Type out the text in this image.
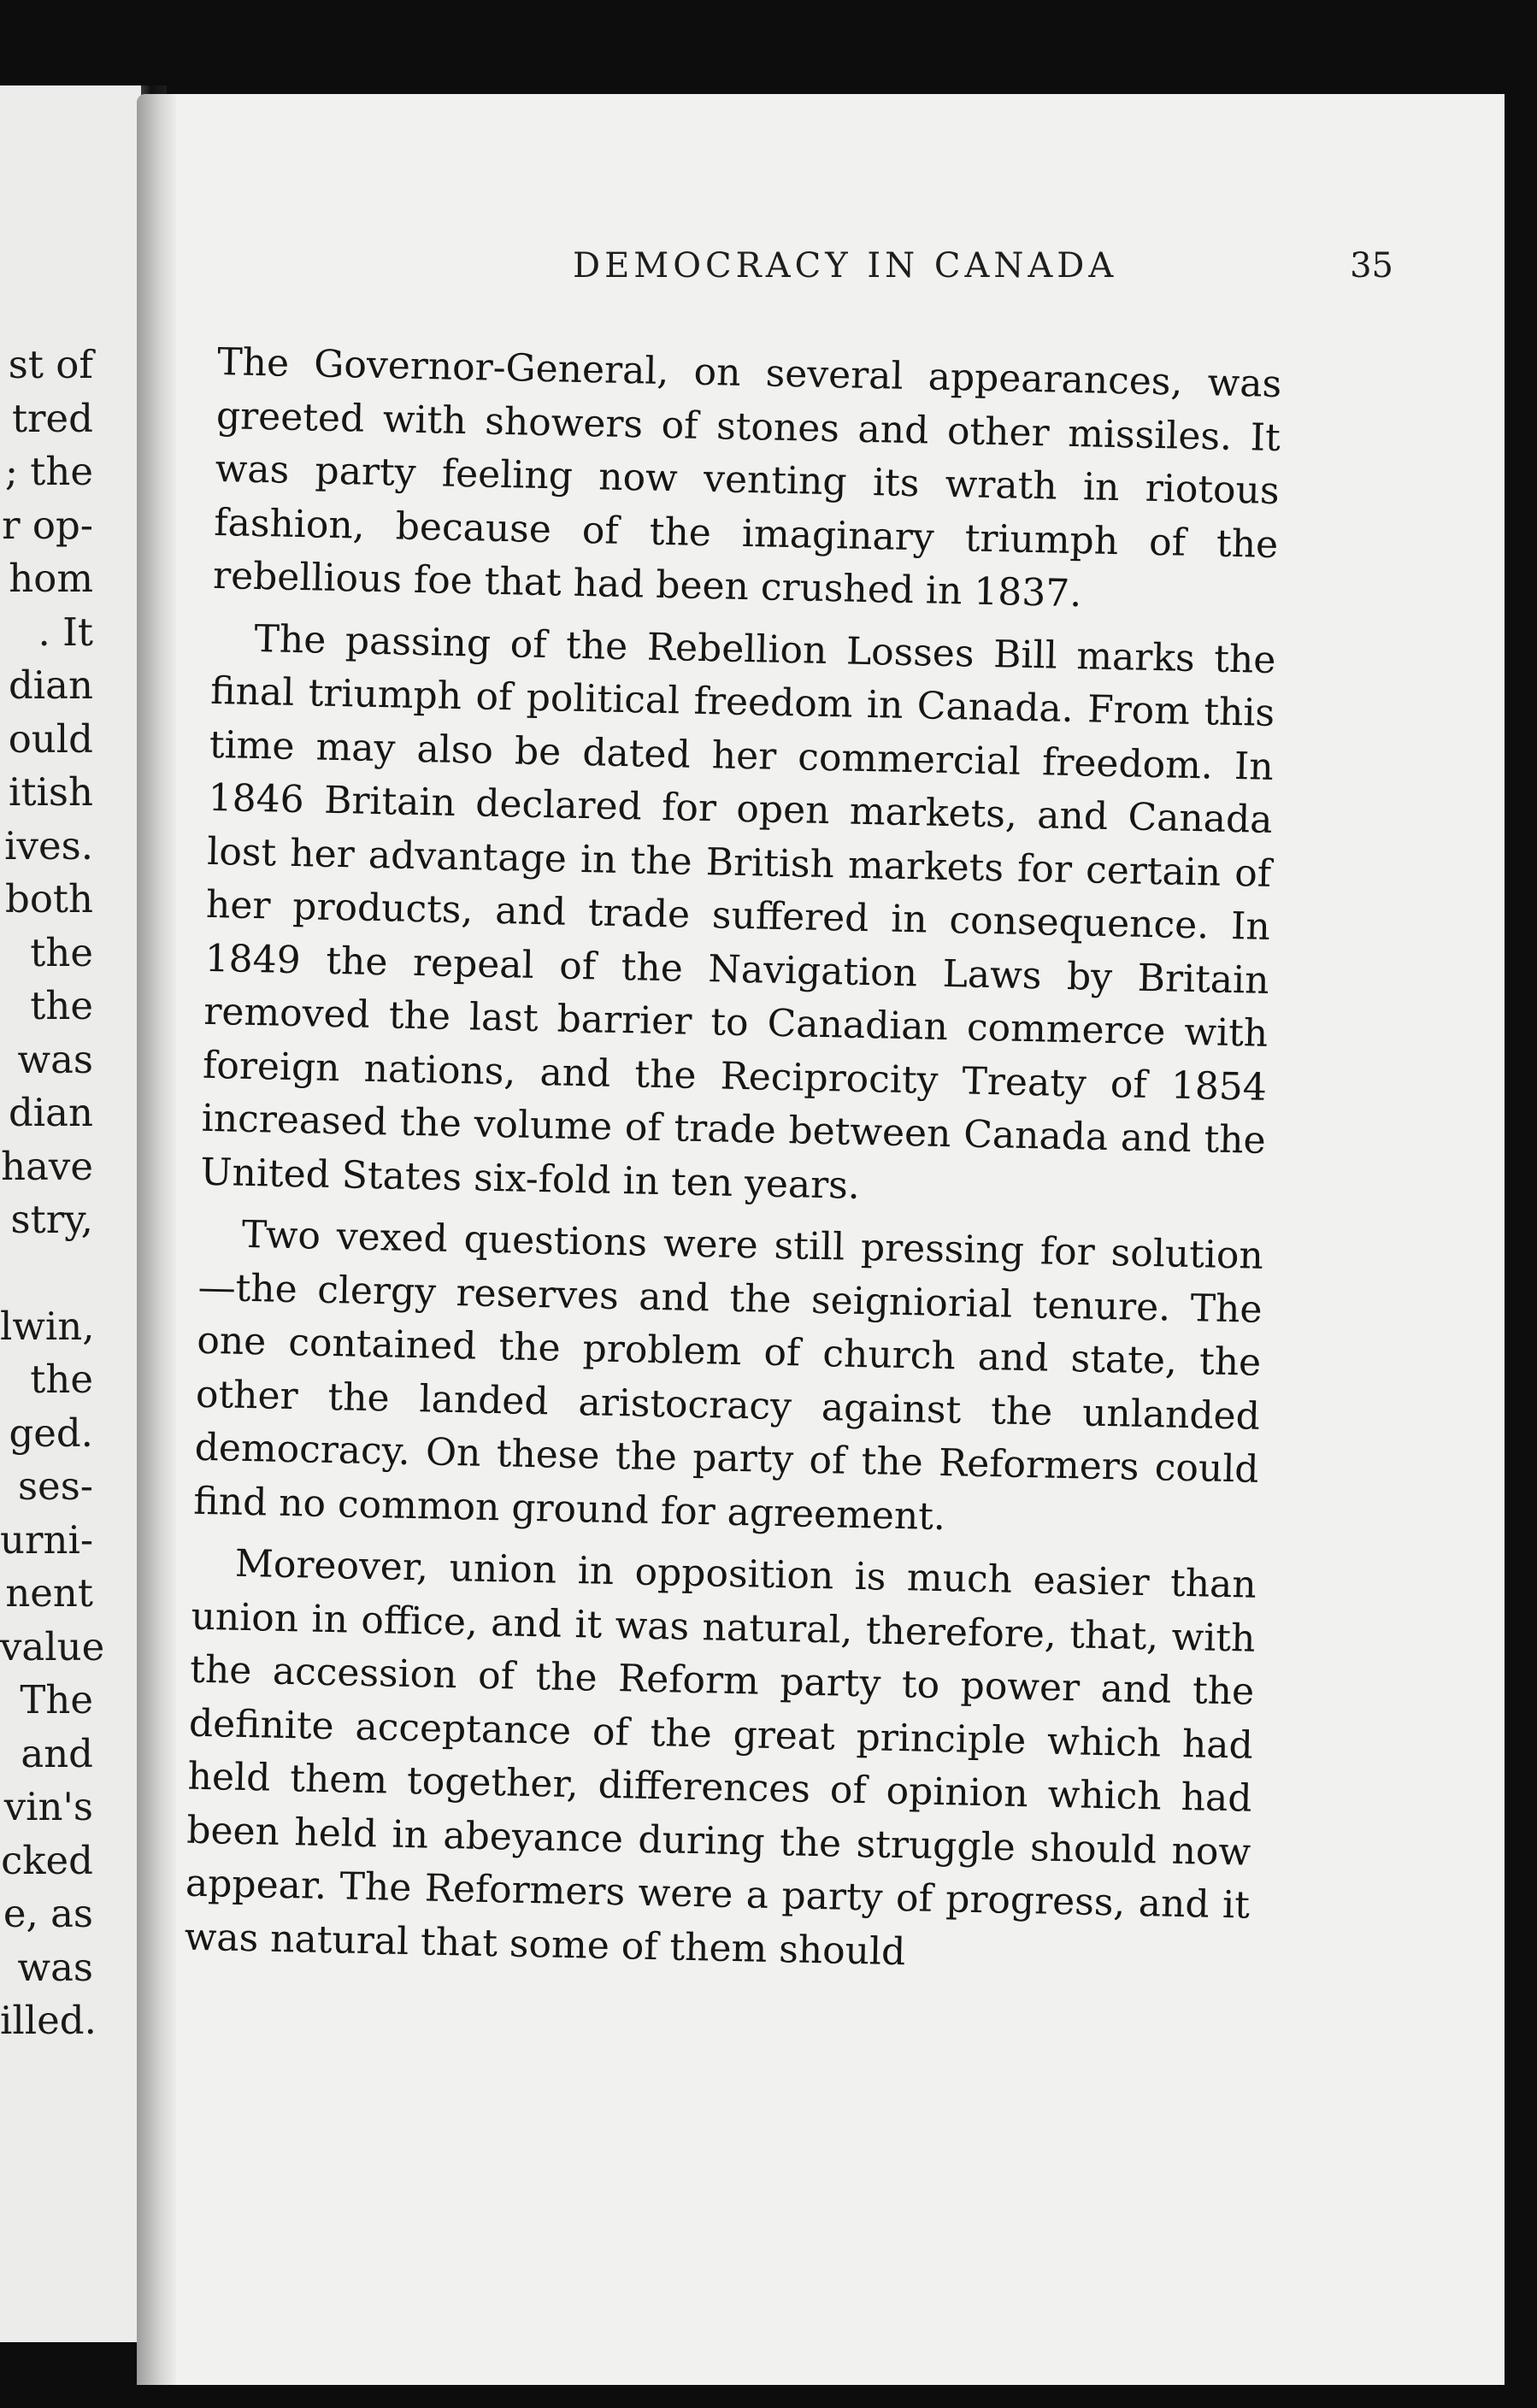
st of
tred
; the
r op-
hom
. It
dian
ould
itish
ives.
both
the
the
was
dian
have
stry,
lwin,
the
ged.
ses-
urni-
nent
value
The
and
vin's
cked
e, as
was
illed.
DEMOCRACY IN CANADA	35

The Governor-General, on several appearances, was greeted with showers of stones and other missiles. It was party feeling now venting its wrath in riotous fashion, because of the imaginary triumph of the rebellious foe that had been crushed in 1837.

The passing of the Rebellion Losses Bill marks the final triumph of political freedom in Canada. From this time may also be dated her commercial freedom. In 1846 Britain declared for open markets, and Canada lost her advantage in the British markets for certain of her products, and trade suffered in consequence. In 1849 the repeal of the Navigation Laws by Britain removed the last barrier to Canadian commerce with foreign nations, and the Reciprocity Treaty of 1854 increased the volume of trade between Canada and the United States six-fold in ten years.

Two vexed questions were still pressing for solution—the clergy reserves and the seigniorial tenure. The one contained the problem of church and state, the other the landed aristocracy against the unlanded democracy. On these the party of the Reformers could find no common ground for agreement.

Moreover, union in opposition is much easier than union in office, and it was natural, therefore, that, with the accession of the Reform party to power and the definite acceptance of the great principle which had held them together, differences of opinion which had been held in abeyance during the struggle should now appear. The Reformers were a party of progress, and it was natural that some of them should
